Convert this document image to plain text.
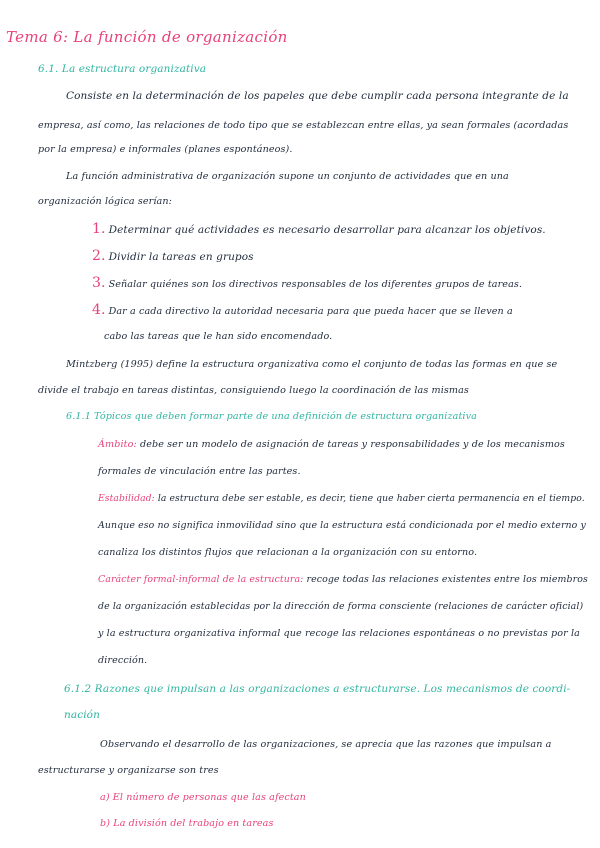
Tema 6: La función de organización
6.1. La estructura organizativa
Consiste en la determinación de los papeles que debe cumplir cada persona integrante de la
empresa, así como, las relaciones de todo tipo que se establezcan entre ellas, ya sean formales (acordadas
por la empresa) e informales (planes espontáneos).
La función administrativa de organización supone un conjunto de actividades que en una
organización lógica serían:
1. Determinar qué actividades es necesario desarrollar para alcanzar los objetivos.
2. Dividir la tareas en grupos
3. Señalar quiénes son los directivos responsables de los diferentes grupos de tareas.
4. Dar a cada directivo la autoridad necesaria para que pueda hacer que se lleven a
cabo las tareas que le han sido encomendado.
Mintzberg (1995) define la estructura organizativa como el conjunto de todas las formas en que se
divide el trabajo en tareas distintas, consiguiendo luego la coordinación de las mismas
6.1.1 Tópicos que deben formar parte de una definición de estructura organizativa
Ámbito: debe ser un modelo de asignación de tareas y responsabilidades y de los mecanismos
formales de vinculación entre las partes.
Estabilidad: la estructura debe ser estable, es decir, tiene que haber cierta permanencia en el tiempo.
Aunque eso no significa inmovilidad sino que la estructura está condicionada por el medio externo y
canaliza los distintos flujos que relacionan a la organización con su entorno.
Carácter formal-informal de la estructura: recoge todas las relaciones existentes entre los miembros
de la organización establecidas por la dirección de forma consciente (relaciones de carácter oficial)
y la estructura organizativa informal que recoge las relaciones espontáneas o no previstas por la
dirección.
6.1.2 Razones que impulsan a las organizaciones a estructurarse. Los mecanismos de coordi-
nación
Observando el desarrollo de las organizaciones, se aprecia que las razones que impulsan a
estructurarse y organizarse son tres
a) El número de personas que las afectan
b) La división del trabajo en tareas
